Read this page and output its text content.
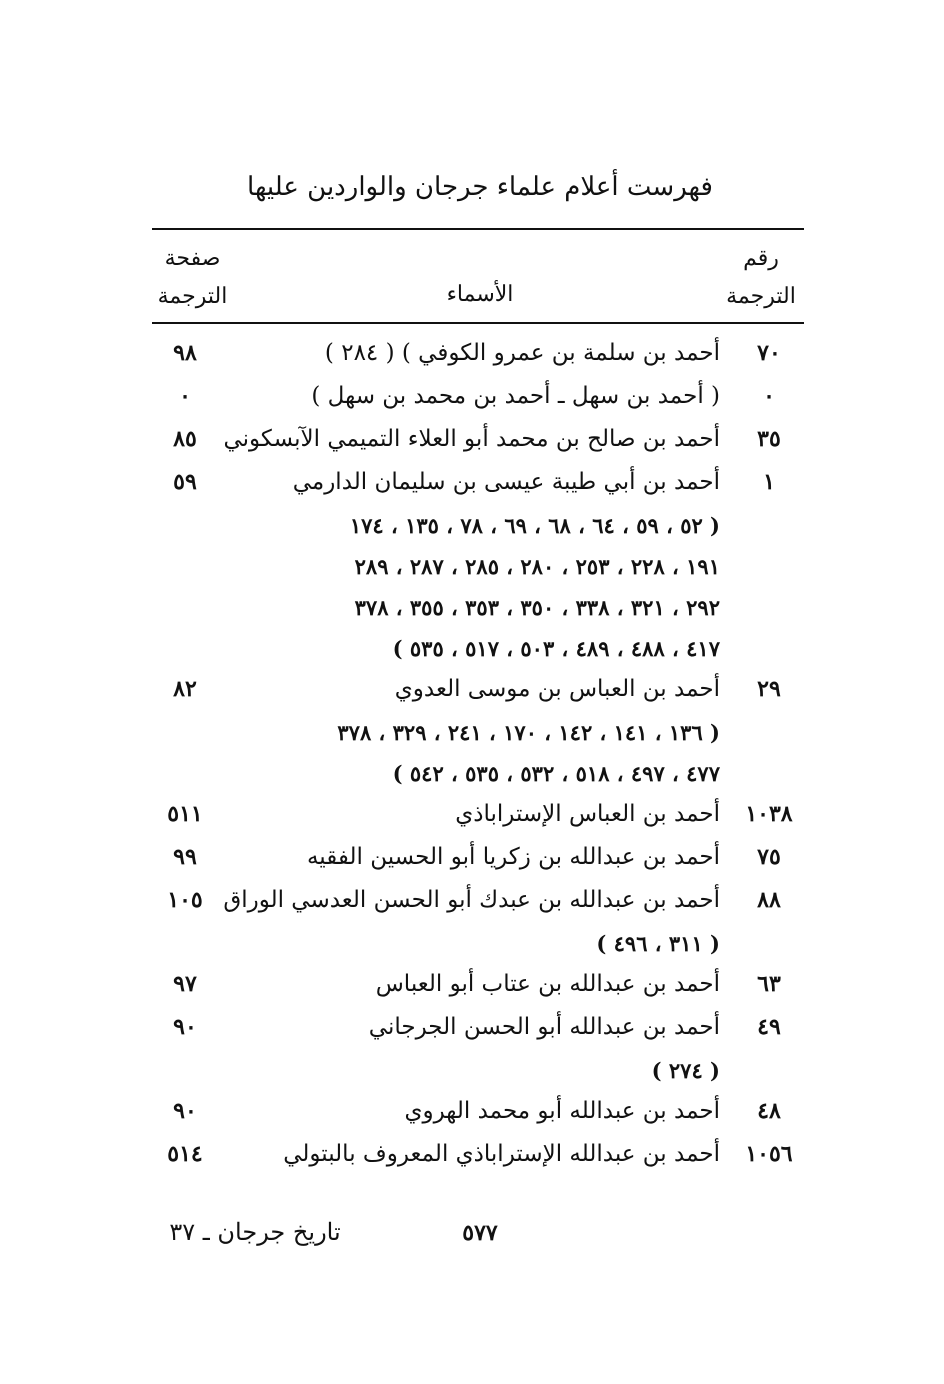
فهرست أعلام علماء جرجان والواردين عليها
رقم
الترجمة
الأسماء
صفحة
الترجمة
٧٠
أحمد بن سلمة بن عمرو الكوفي ) ( ٢٨٤ )
٩٨
٠
( أحمد بن سهل ـ أحمد بن محمد بن سهل )
٠
٣٥
أحمد بن صالح بن محمد أبو العلاء التميمي الآبسكوني
٨٥
١
أحمد بن أبي طيبة عيسى بن سليمان الدارمي
٥٩
( ٥٢ ، ٥٩ ، ٦٤ ، ٦٨ ، ٦٩ ، ٧٨ ، ١٣٥ ، ١٧٤
١٩١ ، ٢٢٨ ، ٢٥٣ ، ٢٨٠ ، ٢٨٥ ، ٢٨٧ ، ٢٨٩
٢٩٢ ، ٣٢١ ، ٣٣٨ ، ٣٥٠ ، ٣٥٣ ، ٣٥٥ ، ٣٧٨
٤١٧ ، ٤٨٨ ، ٤٨٩ ، ٥٠٣ ، ٥١٧ ، ٥٣٥ )
٢٩
أحمد بن العباس بن موسى العدوي
٨٢
( ١٣٦ ، ١٤١ ، ١٤٢ ، ١٧٠ ، ٢٤١ ، ٣٢٩ ، ٣٧٨
٤٧٧ ، ٤٩٧ ، ٥١٨ ، ٥٣٢ ، ٥٣٥ ، ٥٤٢ )
١٠٣٨
أحمد بن العباس الإستراباذي
٥١١
٧٥
أحمد بن عبدالله بن زكريا أبو الحسين الفقيه
٩٩
٨٨
أحمد بن عبدالله بن عبدك أبو الحسن العدسي الوراق
١٠٥
( ٣١١ ، ٤٩٦ )
٦٣
أحمد بن عبدالله بن عتاب أبو العباس
٩٧
٤٩
أحمد بن عبدالله أبو الحسن الجرجاني
٩٠
( ٢٧٤ )
٤٨
أحمد بن عبدالله أبو محمد الهروي
٩٠
١٠٥٦
أحمد بن عبدالله الإستراباذي المعروف بالبتولي
٥١٤
٥٧٧
تاريخ جرجان ـ ٣٧
